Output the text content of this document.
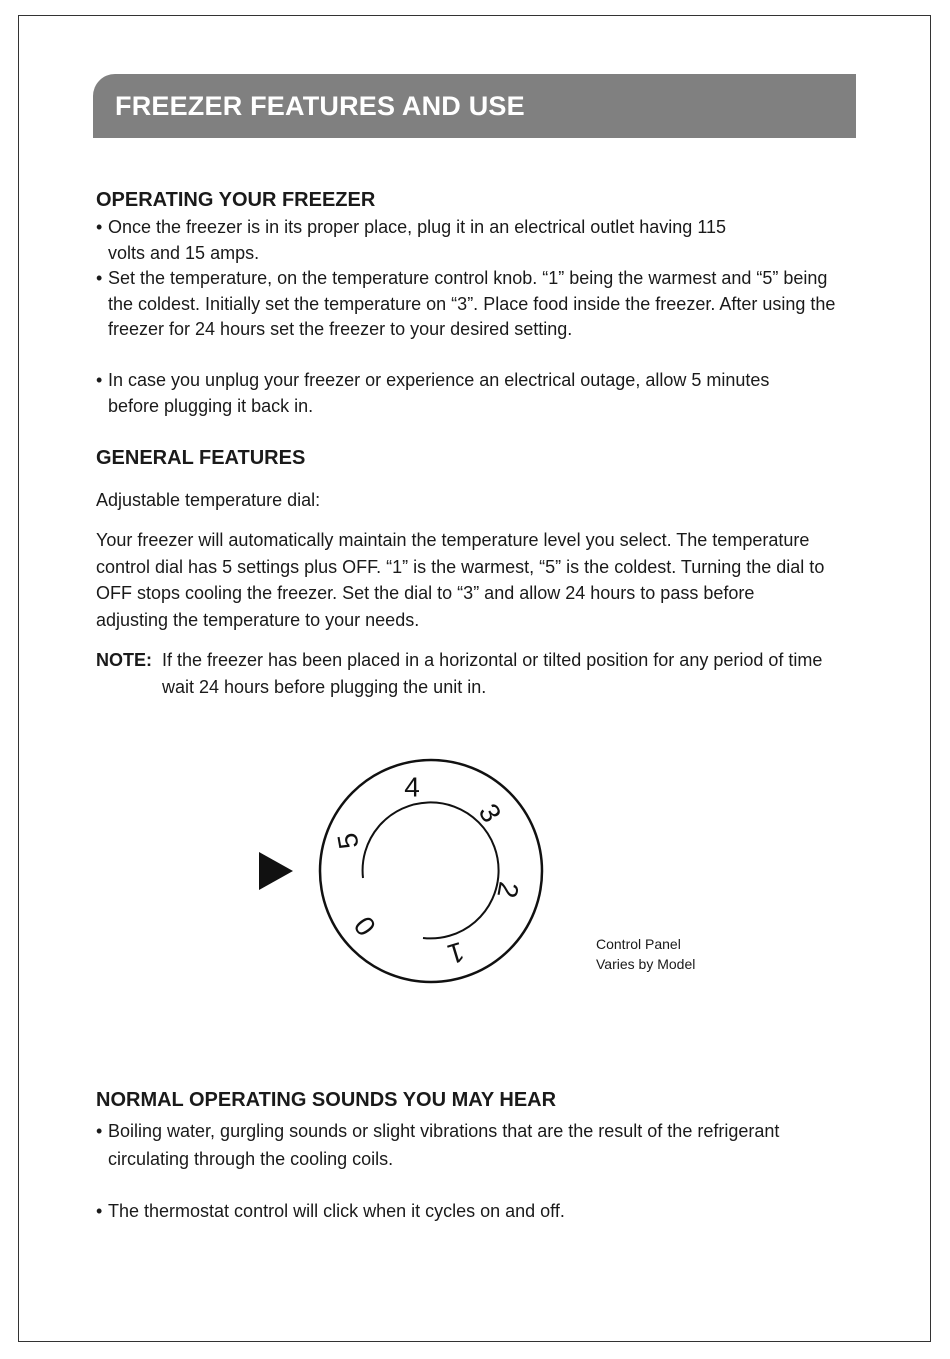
FREEZER FEATURES AND USE
OPERATING YOUR FREEZER
• Once the freezer is in its proper place, plug it in an electrical outlet having 115 volts and 15 amps.
• Set the temperature, on the temperature control knob. “1” being the warmest and “5” being the coldest. Initially set the temperature on “3”. Place food inside the freezer. After using the freezer for 24 hours set the freezer to your desired setting.
• In case you unplug your freezer or experience an electrical outage, allow 5 minutes before plugging it back in.
GENERAL FEATURES
Adjustable temperature dial:
Your freezer will automatically maintain the temperature level you select. The temperature control dial has 5 settings plus OFF. “1” is the warmest, “5” is the coldest. Turning the dial to OFF stops cooling the freezer. Set the dial to “3” and allow 24 hours to pass before adjusting the temperature to your needs.
NOTE: If the freezer has been placed in a horizontal or tilted position for any period of time wait 24 hours before plugging the unit in.
0
1
2
3
4
5
Control Panel
Varies by Model
NORMAL OPERATING SOUNDS YOU MAY HEAR
• Boiling water, gurgling sounds or slight vibrations that are the result of the refrigerant circulating through the cooling coils.
• The thermostat control will click when it cycles on and off.
